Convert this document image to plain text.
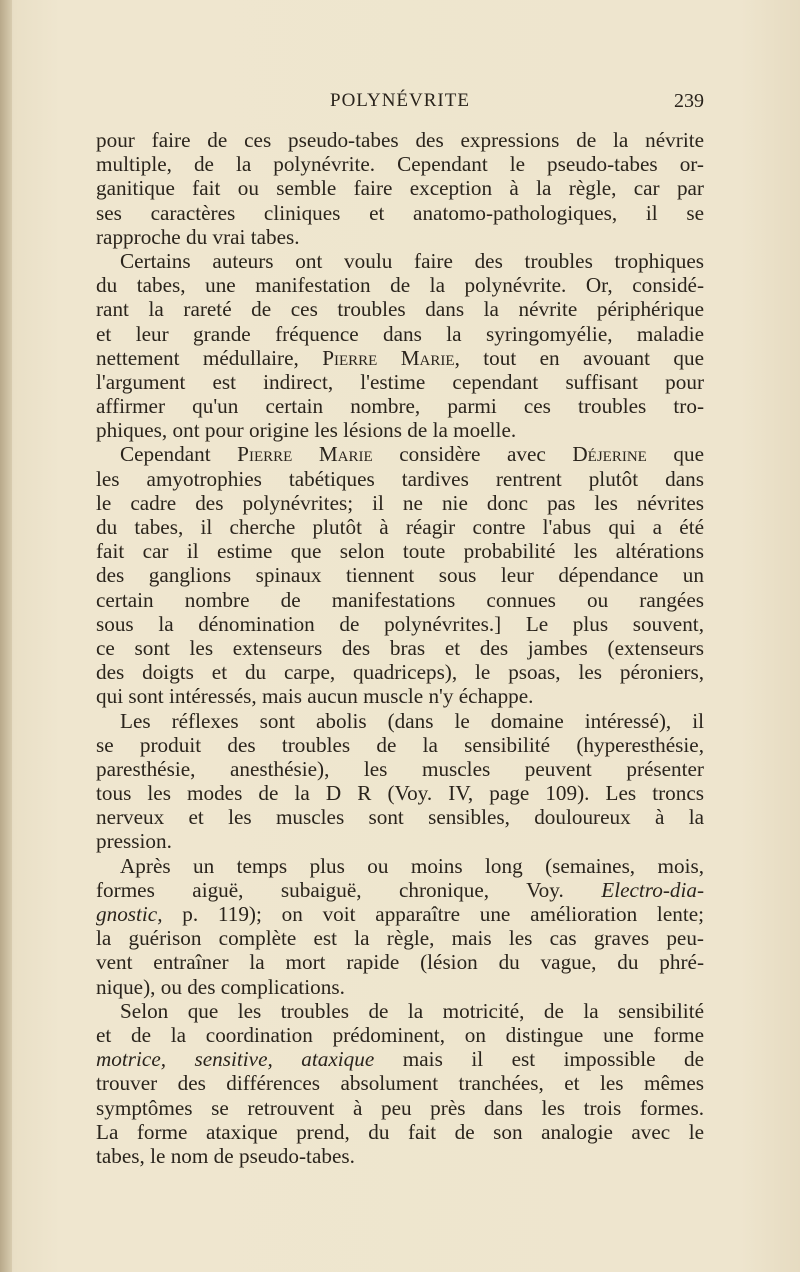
POLYNÉVRITE	239
pour faire de ces pseudo-tabes des expressions de la névrite
multiple, de la polynévrite. Cependant le pseudo-tabes or-
ganitique fait ou semble faire exception à la règle, car par
ses caractères cliniques et anatomo-pathologiques, il se
rapproche du vrai tabes.
Certains auteurs ont voulu faire des troubles trophiques
du tabes, une manifestation de la polynévrite. Or, considé-
rant la rareté de ces troubles dans la névrite périphérique
et leur grande fréquence dans la syringomyélie, maladie
nettement médullaire, Pierre Marie, tout en avouant que
l'argument est indirect, l'estime cependant suffisant pour
affirmer qu'un certain nombre, parmi ces troubles tro-
phiques, ont pour origine les lésions de la moelle.
Cependant Pierre Marie considère avec Déjerine que
les amyotrophies tabétiques tardives rentrent plutôt dans
le cadre des polynévrites; il ne nie donc pas les névrites
du tabes, il cherche plutôt à réagir contre l'abus qui a été
fait car il estime que selon toute probabilité les altérations
des ganglions spinaux tiennent sous leur dépendance un
certain nombre de manifestations connues ou rangées
sous la dénomination de polynévrites.] Le plus souvent,
ce sont les extenseurs des bras et des jambes (extenseurs
des doigts et du carpe, quadriceps), le psoas, les péroniers,
qui sont intéressés, mais aucun muscle n'y échappe.
Les réflexes sont abolis (dans le domaine intéressé), il
se produit des troubles de la sensibilité (hyperesthésie,
paresthésie, anesthésie), les muscles peuvent présenter
tous les modes de la D R (Voy. IV, page 109). Les troncs
nerveux et les muscles sont sensibles, douloureux à la
pression.
Après un temps plus ou moins long (semaines, mois,
formes aiguë, subaiguë, chronique, Voy. Electro-dia-
gnostic, p. 119); on voit apparaître une amélioration lente;
la guérison complète est la règle, mais les cas graves peu-
vent entraîner la mort rapide (lésion du vague, du phré-
nique), ou des complications.
Selon que les troubles de la motricité, de la sensibilité
et de la coordination prédominent, on distingue une forme
motrice, sensitive, ataxique mais il est impossible de
trouver des différences absolument tranchées, et les mêmes
symptômes se retrouvent à peu près dans les trois formes.
La forme ataxique prend, du fait de son analogie avec le
tabes, le nom de pseudo-tabes.
